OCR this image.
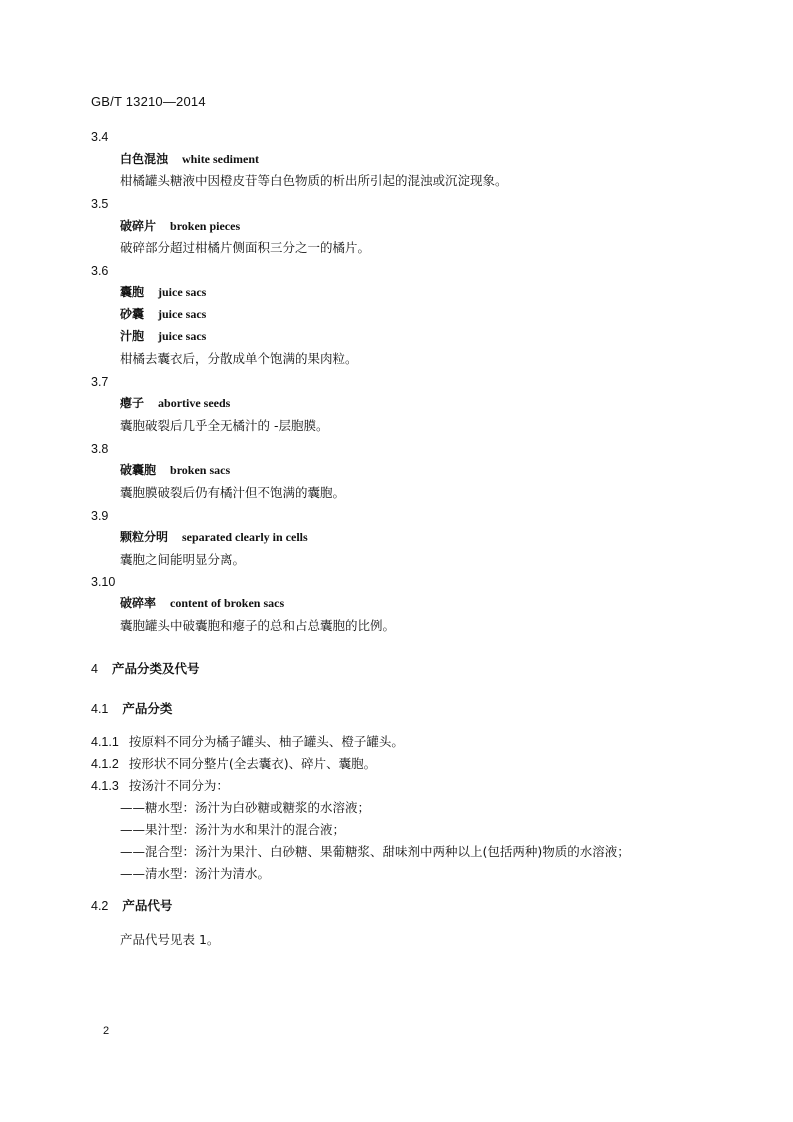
GB/T 13210—2014
3.4
白色混浊 white sediment
柑橘罐头糖液中因橙皮苷等白色物质的析出所引起的混浊或沉淀现象。
3.5
破碎片 broken pieces
破碎部分超过柑橘片侧面积三分之一的橘片。
3.6
囊胞 juice sacs
砂囊 juice sacs
汁胞 juice sacs
柑橘去囊衣后，分散成单个饱满的果肉粒。
3.7
瘪子 abortive seeds
囊胞破裂后几乎全无橘汁的 -层胞膜。
3.8
破囊胞 broken sacs
囊胞膜破裂后仍有橘汁但不饱满的囊胞。
3.9
颗粒分明 separated clearly in cells
囊胞之间能明显分离。
3.10
破碎率 content of broken sacs
囊胞罐头中破囊胞和瘪子的总和占总囊胞的比例。
4 产品分类及代号
4.1 产品分类
4.1.1 按原料不同分为橘子罐头、柚子罐头、橙子罐头。
4.1.2 按形状不同分整片(全去囊衣)、碎片、囊胞。
4.1.3 按汤汁不同分为：
——糖水型：汤汁为白砂糖或糖浆的水溶液；
——果汁型：汤汁为水和果汁的混合液；
——混合型：汤汁为果汁、白砂糖、果葡糖浆、甜味剂中两种以上(包括两种)物质的水溶液；
——清水型：汤汁为清水。
4.2 产品代号
产品代号见表 1。
2
